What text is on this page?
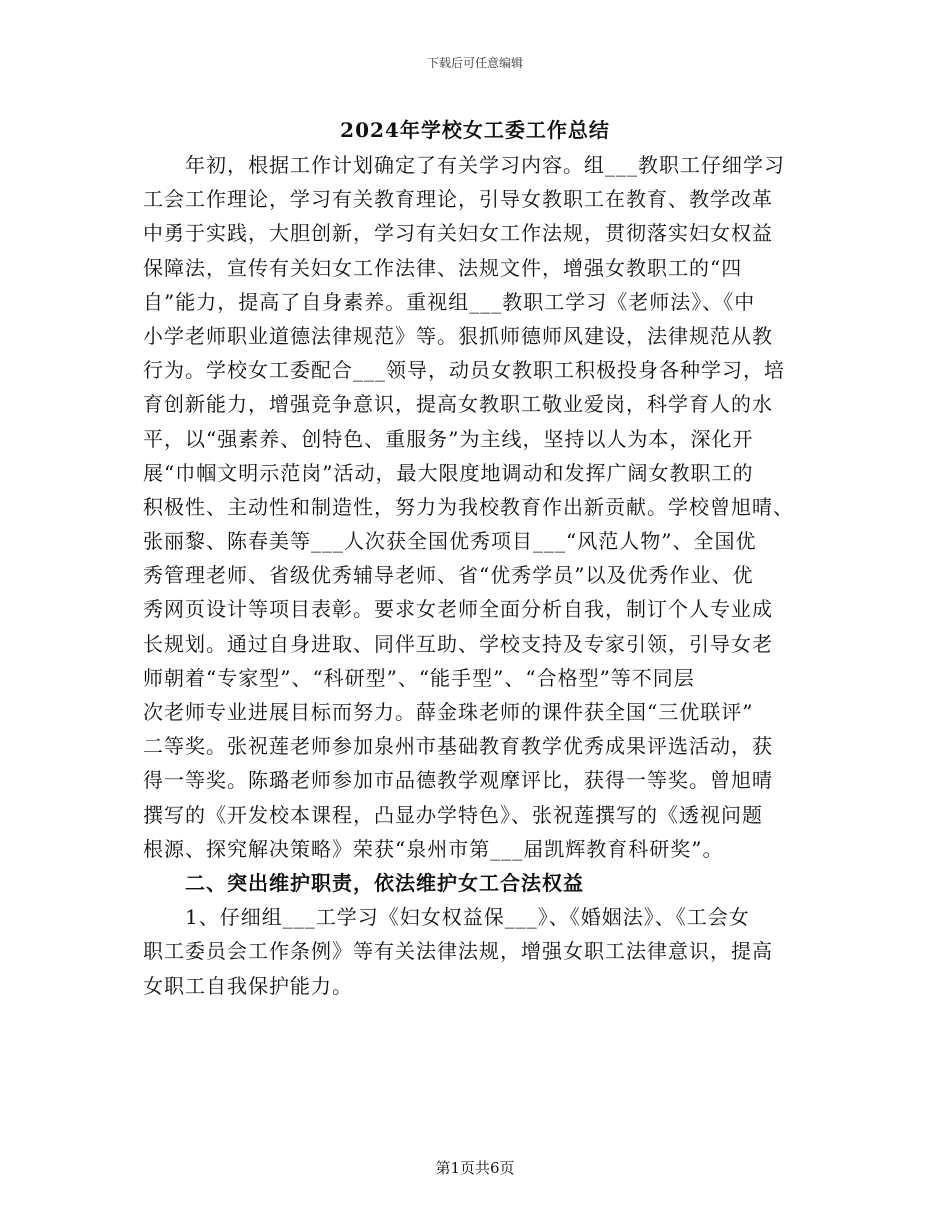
下载后可任意编辑
2024年学校女工委工作总结
年初，根据工作计划确定了有关学习内容。组___教职工仔细学习
工会工作理论，学习有关教育理论，引导女教职工在教育、教学改革
中勇于实践，大胆创新，学习有关妇女工作法规，贯彻落实妇女权益
保障法，宣传有关妇女工作法律、法规文件，增强女教职工的“四
自”能力，提高了自身素养。重视组___教职工学习《老师法》、《中
小学老师职业道德法律规范》等。狠抓师德师风建设，法律规范从教
行为。学校女工委配合___领导，动员女教职工积极投身各种学习，培
育创新能力，增强竞争意识，提高女教职工敬业爱岗，科学育人的水
平，以“强素养、创特色、重服务”为主线，坚持以人为本，深化开
展“巾帼文明示范岗”活动，最大限度地调动和发挥广阔女教职工的
积极性、主动性和制造性，努力为我校教育作出新贡献。学校曾旭晴、
张丽黎、陈春美等___人次获全国优秀项目___“风范人物”、全国优
秀管理老师、省级优秀辅导老师、省“优秀学员”以及优秀作业、优
秀网页设计等项目表彰。要求女老师全面分析自我，制订个人专业成
长规划。通过自身进取、同伴互助、学校支持及专家引领，引导女老
师朝着“专家型”、“科研型”、“能手型”、“合格型”等不同层
次老师专业进展目标而努力。薛金珠老师的课件获全国“三优联评”
二等奖。张祝莲老师参加泉州市基础教育教学优秀成果评选活动，获
得一等奖。陈璐老师参加市品德教学观摩评比，获得一等奖。曾旭晴
撰写的《开发校本课程，凸显办学特色》、张祝莲撰写的《透视问题
根源、探究解决策略》荣获“泉州市第___届凯辉教育科研奖”。
二、突出维护职责，依法维护女工合法权益
1、仔细组___工学习《妇女权益保___》、《婚姻法》、《工会女
职工委员会工作条例》等有关法律法规，增强女职工法律意识，提高
女职工自我保护能力。
第1页共6页
